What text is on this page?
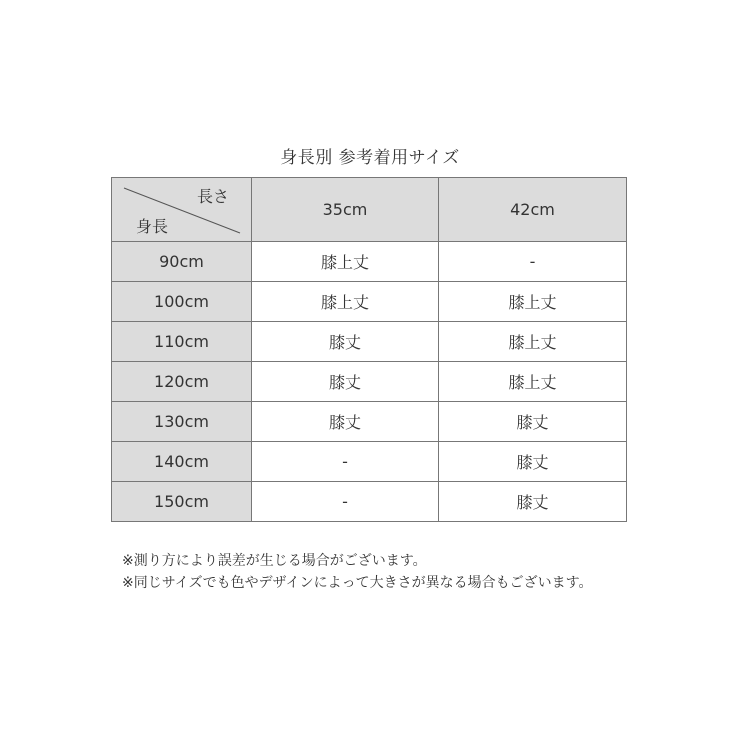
身長別 参考着用サイズ
長さ
身長	35cm	42cm
90cm	膝上丈	-
100cm	膝上丈	膝上丈
110cm	膝丈	膝上丈
120cm	膝丈	膝上丈
130cm	膝丈	膝丈
140cm	-	膝丈
150cm	-	膝丈
※測り方により誤差が生じる場合がございます。
※同じサイズでも色やデザインによって大きさが異なる場合もございます。
